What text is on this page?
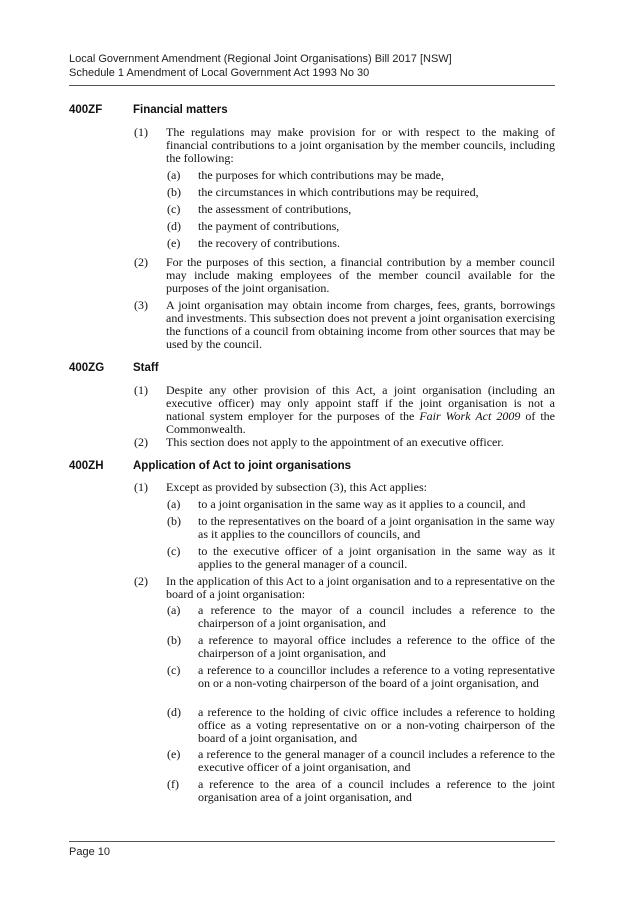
Local Government Amendment (Regional Joint Organisations) Bill 2017 [NSW]
Schedule 1 Amendment of Local Government Act 1993 No 30
400ZF	Financial matters
(1) The regulations may make provision for or with respect to the making of financial contributions to a joint organisation by the member councils, including the following:
(a) the purposes for which contributions may be made,
(b) the circumstances in which contributions may be required,
(c) the assessment of contributions,
(d) the payment of contributions,
(e) the recovery of contributions.
(2) For the purposes of this section, a financial contribution by a member council may include making employees of the member council available for the purposes of the joint organisation.
(3) A joint organisation may obtain income from charges, fees, grants, borrowings and investments. This subsection does not prevent a joint organisation exercising the functions of a council from obtaining income from other sources that may be used by the council.
400ZG	Staff
(1) Despite any other provision of this Act, a joint organisation (including an executive officer) may only appoint staff if the joint organisation is not a national system employer for the purposes of the Fair Work Act 2009 of the Commonwealth.
(2) This section does not apply to the appointment of an executive officer.
400ZH	Application of Act to joint organisations
(1) Except as provided by subsection (3), this Act applies:
(a) to a joint organisation in the same way as it applies to a council, and
(b) to the representatives on the board of a joint organisation in the same way as it applies to the councillors of councils, and
(c) to the executive officer of a joint organisation in the same way as it applies to the general manager of a council.
(2) In the application of this Act to a joint organisation and to a representative on the board of a joint organisation:
(a) a reference to the mayor of a council includes a reference to the chairperson of a joint organisation, and
(b) a reference to mayoral office includes a reference to the office of the chairperson of a joint organisation, and
(c) a reference to a councillor includes a reference to a voting representative on or a non-voting chairperson of the board of a joint organisation, and
(d) a reference to the holding of civic office includes a reference to holding office as a voting representative on or a non-voting chairperson of the board of a joint organisation, and
(e) a reference to the general manager of a council includes a reference to the executive officer of a joint organisation, and
(f) a reference to the area of a council includes a reference to the joint organisation area of a joint organisation, and
Page 10
